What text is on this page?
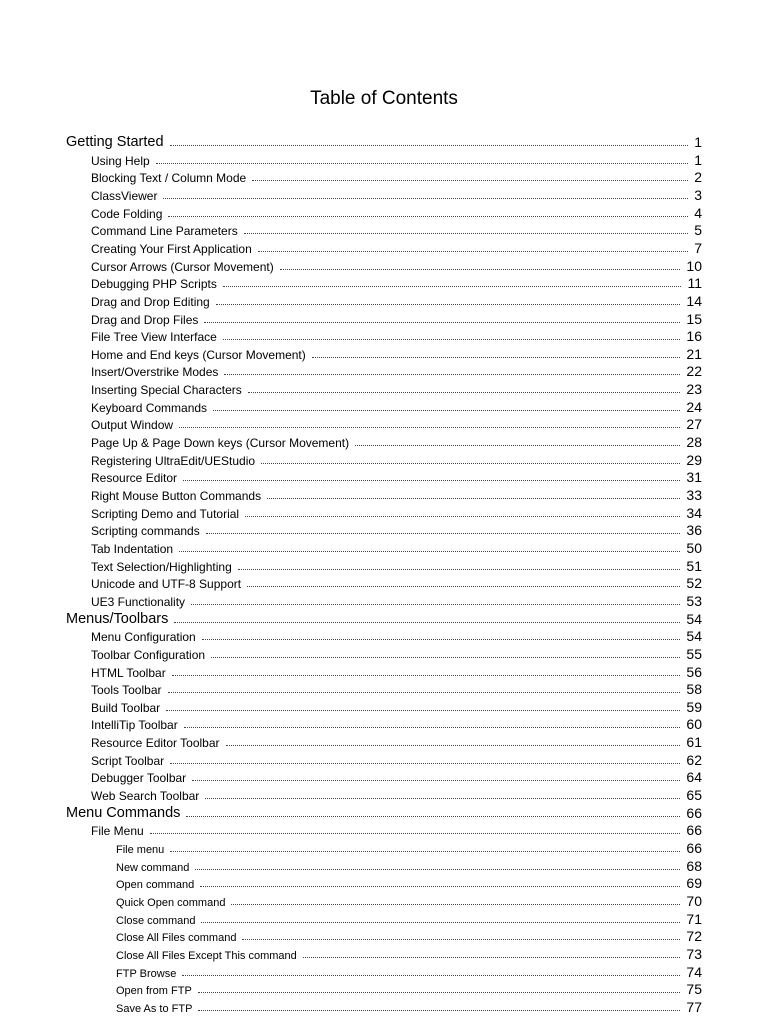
Table of Contents
Getting Started	1
Using Help	1
Blocking Text / Column Mode	2
ClassViewer	3
Code Folding	4
Command Line Parameters	5
Creating Your First Application	7
Cursor Arrows (Cursor Movement)	10
Debugging PHP Scripts	11
Drag and Drop Editing	14
Drag and Drop Files	15
File Tree View Interface	16
Home and End keys (Cursor Movement)	21
Insert/Overstrike Modes	22
Inserting Special Characters	23
Keyboard Commands	24
Output Window	27
Page Up & Page Down keys (Cursor Movement)	28
Registering UltraEdit/UEStudio	29
Resource Editor	31
Right Mouse Button Commands	33
Scripting Demo and Tutorial	34
Scripting commands	36
Tab Indentation	50
Text Selection/Highlighting	51
Unicode and UTF-8 Support	52
UE3 Functionality	53
Menus/Toolbars	54
Menu Configuration	54
Toolbar Configuration	55
HTML Toolbar	56
Tools Toolbar	58
Build Toolbar	59
IntelliTip Toolbar	60
Resource Editor Toolbar	61
Script Toolbar	62
Debugger Toolbar	64
Web Search Toolbar	65
Menu Commands	66
File Menu	66
File menu	66
New command	68
Open command	69
Quick Open command	70
Close command	71
Close All Files command	72
Close All Files Except This command	73
FTP Browse	74
Open from FTP	75
Save As to FTP	77
